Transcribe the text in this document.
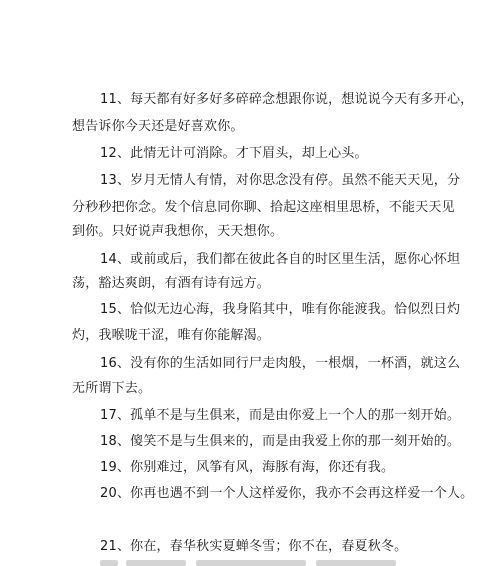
11、每天都有好多好多碎碎念想跟你说，想说说今天有多开心，
想告诉你今天还是好喜欢你。
12、此情无计可消除。才下眉头，却上心头。
13、岁月无情人有情，对你思念没有停。虽然不能天天见，分
分秒秒把你念。发个信息同你聊、拾起这座相里思桥，不能天天见
到你。只好说声我想你，天天想你。
14、或前或后，我们都在彼此各自的时区里生活，愿你心怀坦
荡，豁达爽朗，有酒有诗有远方。
15、恰似无边心海，我身陷其中，唯有你能渡我。恰似烈日灼
灼，我喉咙干涩，唯有你能解渴。
16、没有你的生活如同行尸走肉般，一根烟，一杯酒，就这么
无所谓下去。
17、孤单不是与生俱来，而是由你爱上一个人的那一刻开始。
18、傻笑不是与生俱来的，而是由我爱上你的那一刻开始的。
19、你别难过，风筝有风，海豚有海，你还有我。
20、你再也遇不到一个人这样爱你，我亦不会再这样爱一个人。
21、你在，春华秋实夏蝉冬雪；你不在，春夏秋冬。
